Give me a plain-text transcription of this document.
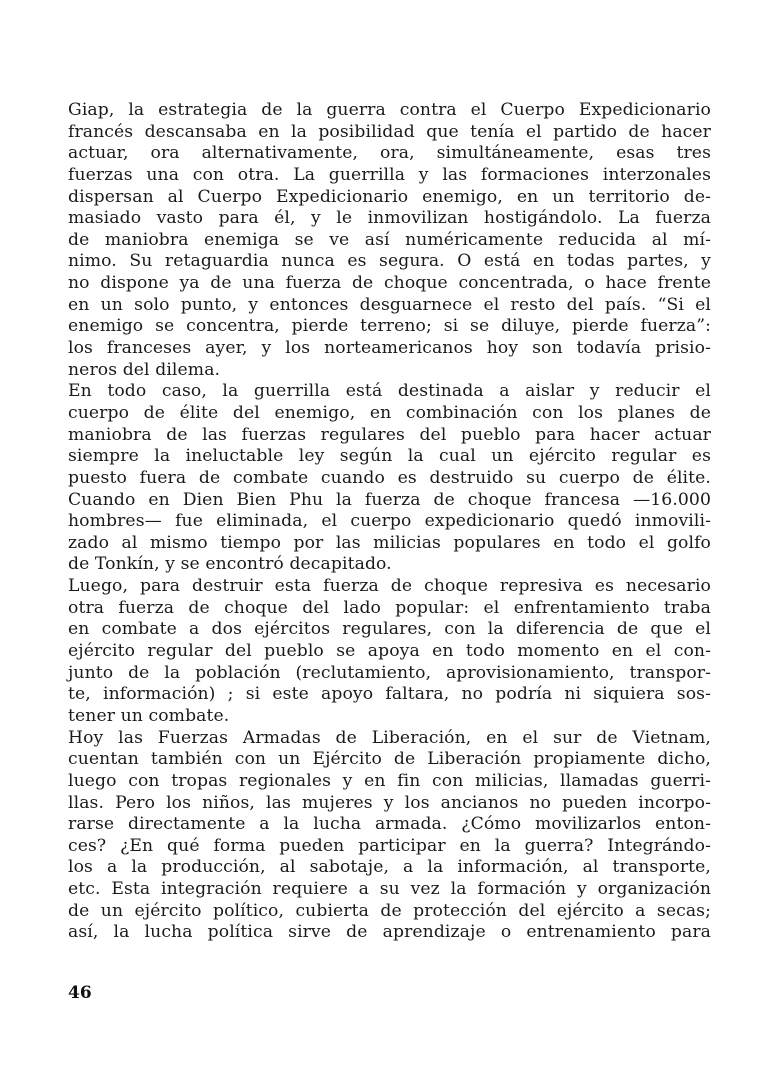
Giap, la estrategia de la guerra contra el Cuerpo Expedicionario
francés descansaba en la posibilidad que tenía el partido de hacer
actuar, ora alternativamente, ora, simultáneamente, esas tres
fuerzas una con otra. La guerrilla y las formaciones interzonales
dispersan al Cuerpo Expedicionario enemigo, en un territorio de-
masiado vasto para él, y le inmovilizan hostigándolo. La fuerza
de maniobra enemiga se ve así numéricamente reducida al mí-
nimo. Su retaguardia nunca es segura. O está en todas partes, y
no dispone ya de una fuerza de choque concentrada, o hace frente
en un solo punto, y entonces desguarnece el resto del país. “Si el
enemigo se concentra, pierde terreno; si se diluye, pierde fuerza”:
los franceses ayer, y los norteamericanos hoy son todavía prisio-
neros del dilema.
En todo caso, la guerrilla está destinada a aislar y reducir el
cuerpo de élite del enemigo, en combinación con los planes de
maniobra de las fuerzas regulares del pueblo para hacer actuar
siempre la ineluctable ley según la cual un ejército regular es
puesto fuera de combate cuando es destruido su cuerpo de élite.
Cuando en Dien Bien Phu la fuerza de choque francesa —16.000
hombres— fue eliminada, el cuerpo expedicionario quedó inmovili-
zado al mismo tiempo por las milicias populares en todo el golfo
de Tonkín, y se encontró decapitado.
Luego, para destruir esta fuerza de choque represiva es necesario
otra fuerza de choque del lado popular: el enfrentamiento traba
en combate a dos ejércitos regulares, con la diferencia de que el
ejército regular del pueblo se apoya en todo momento en el con-
junto de la población (reclutamiento, aprovisionamiento, transpor-
te, información) ; si este apoyo faltara, no podría ni siquiera sos-
tener un combate.
Hoy las Fuerzas Armadas de Liberación, en el sur de Vietnam,
cuentan también con un Ejército de Liberación propiamente dicho,
luego con tropas regionales y en fin con milicias, llamadas guerri-
llas. Pero los niños, las mujeres y los ancianos no pueden incorpo-
rarse directamente a la lucha armada. ¿Cómo movilizarlos enton-
ces? ¿En qué forma pueden participar en la guerra? Integrándo-
los a la producción, al sabotaje, a la información, al transporte,
etc. Esta integración requiere a su vez la formación y organización
de un ejército político, cubierta de protección del ejército a secas;
así, la lucha política sirve de aprendizaje o entrenamiento para
46
